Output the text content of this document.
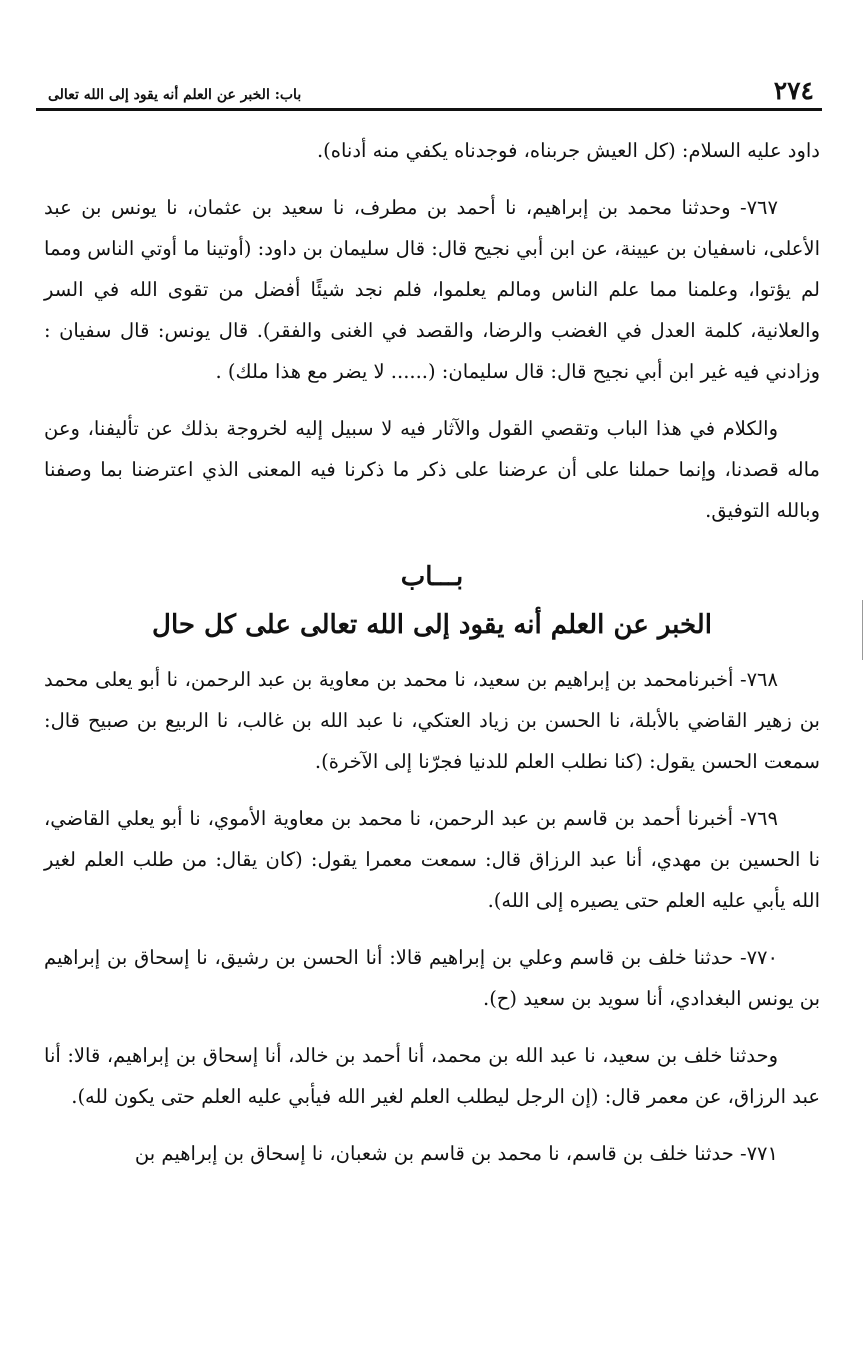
٢٧٤
باب: الخبر عن العلم أنه يقود إلى الله تعالى

داود عليه السلام: (كل العيش جربناه، فوجدناه يكفي منه أدناه).

٧٦٧- وحدثنا محمد بن إبراهيم، نا أحمد بن مطرف، نا سعيد بن عثمان، نا يونس بن عبد الأعلى، ناسفيان بن عيينة، عن ابن أبي نجيح قال: قال سليمان بن داود: (أوتينا ما أوتي الناس ومما لم يؤتوا، وعلمنا مما علم الناس ومالم يعلموا، فلم نجد شيئًا أفضل من تقوى الله في السر والعلانية، كلمة العدل في الغضب والرضا، والقصد في الغنى والفقر). قال يونس: قال سفيان : وزادني فيه غير ابن أبي نجيح قال: قال سليمان: (...... لا يضر مع هذا ملك) .

والكلام في هذا الباب وتقصي القول والآثار فيه لا سبيل إليه لخروجة بذلك عن تأليفنا، وعن ماله قصدنا، وإنما حملنا على أن عرضنا على ذكر ما ذكرنا فيه المعنى الذي اعترضنا بما وصفنا وبالله التوفيق.

بـــاب
الخبر عن العلم أنه يقود إلى الله تعالى على كل حال

٧٦٨- أخبرنامحمد بن إبراهيم بن سعيد، نا محمد بن معاوية بن عبد الرحمن، نا أبو يعلى محمد بن زهير القاضي بالأبلة، نا الحسن بن زياد العتكي، نا عبد الله بن غالب، نا الربيع بن صبيح قال: سمعت الحسن يقول: (كنا نطلب العلم للدنيا فجرّنا إلى الآخرة).

٧٦٩- أخبرنا أحمد بن قاسم بن عبد الرحمن، نا محمد بن معاوية الأموي، نا أبو يعلي القاضي، نا الحسين بن مهدي، أنا عبد الرزاق قال: سمعت معمرا يقول: (كان يقال: من طلب العلم لغير الله يأبي عليه العلم حتى يصيره إلى الله).

٧٧٠- حدثنا خلف بن قاسم وعلي بن إبراهيم قالا: أنا الحسن بن رشيق، نا إسحاق بن إبراهيم بن يونس البغدادي، أنا سويد بن سعيد (ح).

وحدثنا خلف بن سعيد، نا عبد الله بن محمد، أنا أحمد بن خالد، أنا إسحاق بن إبراهيم، قالا: أنا عبد الرزاق، عن معمر قال: (إن الرجل ليطلب العلم لغير الله فيأبي عليه العلم حتى يكون لله).

٧٧١- حدثنا خلف بن قاسم، نا محمد بن قاسم بن شعبان، نا إسحاق بن إبراهيم بن
